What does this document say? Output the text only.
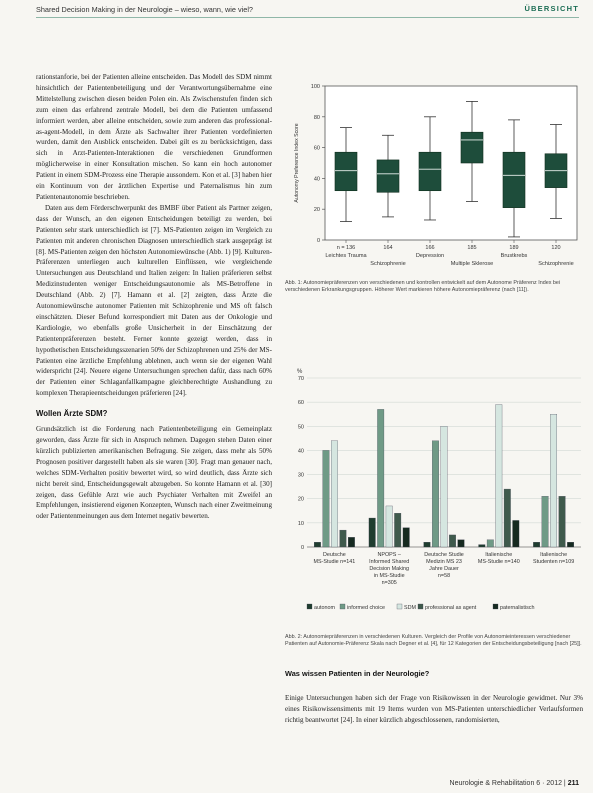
Shared Decision Making in der Neurologie – wieso, wann, wie viel?	ÜBERSICHT

rationstanforie, bei der Patienten alleine entscheiden. Das Modell des SDM nimmt hinsichtlich der Patientenbeteiligung und der Verantwortungsübernahme eine Mittelstellung zwischen diesen beiden Polen ein. Als Zwischenstufen finden sich zum einen das erfahrend zentrale Modell, bei dem die Patienten umfassend informiert werden, aber alleine entscheiden, sowie zum anderen das professional-as-agent-Modell, in dem Ärzte als Sachwalter ihrer Patienten vordefinierten wurden, damit den Ausblick entscheiden. Dabei gilt es zu berücksichtigen, dass sich in Arzt-Patienten-Interaktionen die verschiedenen Grundformen möglicherweise in einer Konsultation mischen. So kann ein hoch autonomer Patient in einem SDM-Prozess eine Therapie aussondern. Kon et al. [3] haben hier ein Kontinuum von der ärztlichen Expertise und Paternalismus hin zum Patientenautonomie beschrieben.

Daten aus dem Förderschwerpunkt des BMBF über Patient als Partner zeigen, dass der Wunsch, an den eigenen Entscheidungen beteiligt zu werden, bei Patienten sehr stark unterschiedlich ist [7]. MS-Patienten zeigen im Vergleich zu Patienten mit anderen chronischen Diagnosen unterschiedlich stark ausgeprägt ist [8]. MS-Patienten zeigen den höchsten Autonomiewünsche (Abb. 1) [9]. Kulturen-Präferenzen unterliegen auch kulturellen Einflüssen, wie vergleichende Untersuchungen aus Deutschland und Italien zeigen: In Italien präferieren selbst Medizinstudenten weniger Entscheidungsautonomie als MS-Betroffene in Deutschland (Abb. 2) [7]. Hamann et al. [2] zeigten, dass Ärzte die Autonomiewünsche autonomer Patienten mit Schizophrenie und MS oft falsch einschätzten. Dieser Befund korrespondiert mit Daten aus der Onkologie und Kardiologie, wo ebenfalls große Unsicherheit in der Einschätzung der Patientenpräferenzen besteht. Ferner konnte gezeigt werden, dass in hypothetischen Entscheidungsszenarien 50% der Schizophrenen und 25% der MS-Patienten eine ärztliche Empfehlung ablehnen, auch wenn sie der eigenen Wahl widerspricht [24]. Neuere eigene Untersuchungen sprechen dafür, dass nach 60% der Patienten einer Schlaganfallkampagne gleichberechtigte Aushandlung zu komplexen Therapieentscheidungen präferieren [24].

Wollen Ärzte SDM?

Grundsätzlich ist die Forderung nach Patientenbeteiligung ein Gemeinplatz geworden, dass Ärzte für sich in Anspruch nehmen. Dagegen stehen Daten einer kürzlich publizierten amerikanischen Befragung. Sie zeigen, dass mehr als 50% Prognosen positiver dargestellt haben als sie waren [30]. Fragt man genauer nach, welches SDM-Verhalten positiv bewertet wird, so wird deutlich, dass Ärzte sich nicht bereit sind, Entscheidungsgewalt abzugeben. So konnte Hamann et al. [30] zeigen, dass Gefühle Arzt wie auch Psychiater Verhalten mit Zweifel an Empfehlungen, insistierend eigenen Konzepten, Wunsch nach einer Zweitmeinung oder Patientenmeinungen aus dem Internet negativ bewerten.

0
20
40
60
80
100
Autonomy Preference Index Score
n = 136	164	166	185	189	120
Leichtes Trauma	Depression	Brustkrebs
Schizophrenie	Multiple Sklerose	Schizophrenie
Abb. 1: Autonomiepräferenzen von verschiedenen und kontrollen entwickelt auf dem Autonome Präferenz Index bei verschiedenen Erkrankungsgruppen. Höherer Wert markieren höhere Autonomiepräferenz (nach [11]).
%
0
10
20
30
40
50
60
70
Deutsche MS-Studie n=141
NPOPS – Informed Shared Decision Making in MS-Studie n=305
Deutsche Studie Medizin MS 23 Jahre Dauer n=58
Italienische MS-Studie n=140
Italienische Studenten n=109
autonom informed choice	SDM professional as agent	paternalistisch
Abb. 2: Autonomiepräferenzen in verschiedenen Kulturen. Vergleich der Profile von Autonomieinteressen verschiedener Patienten auf Autonomie-Präferenz Skala nach Degner et al. [4], für 12 Kategorien der Entscheidungsbeteiligung [nach [25]].
Was wissen Patienten in der Neurologie?

Einige Untersuchungen haben sich der Frage von Risikowissen in der Neurologie gewidmet. Nur 3% eines Risikowissensiments mit 19 Items wurden von MS-Patienten unterschiedlicher Verlaufsformen richtig beantwortet [24]. In einer kürzlich abgeschlossenen, randomisierten,

Neurologie & Rehabilitation 6 · 2012 | 211
